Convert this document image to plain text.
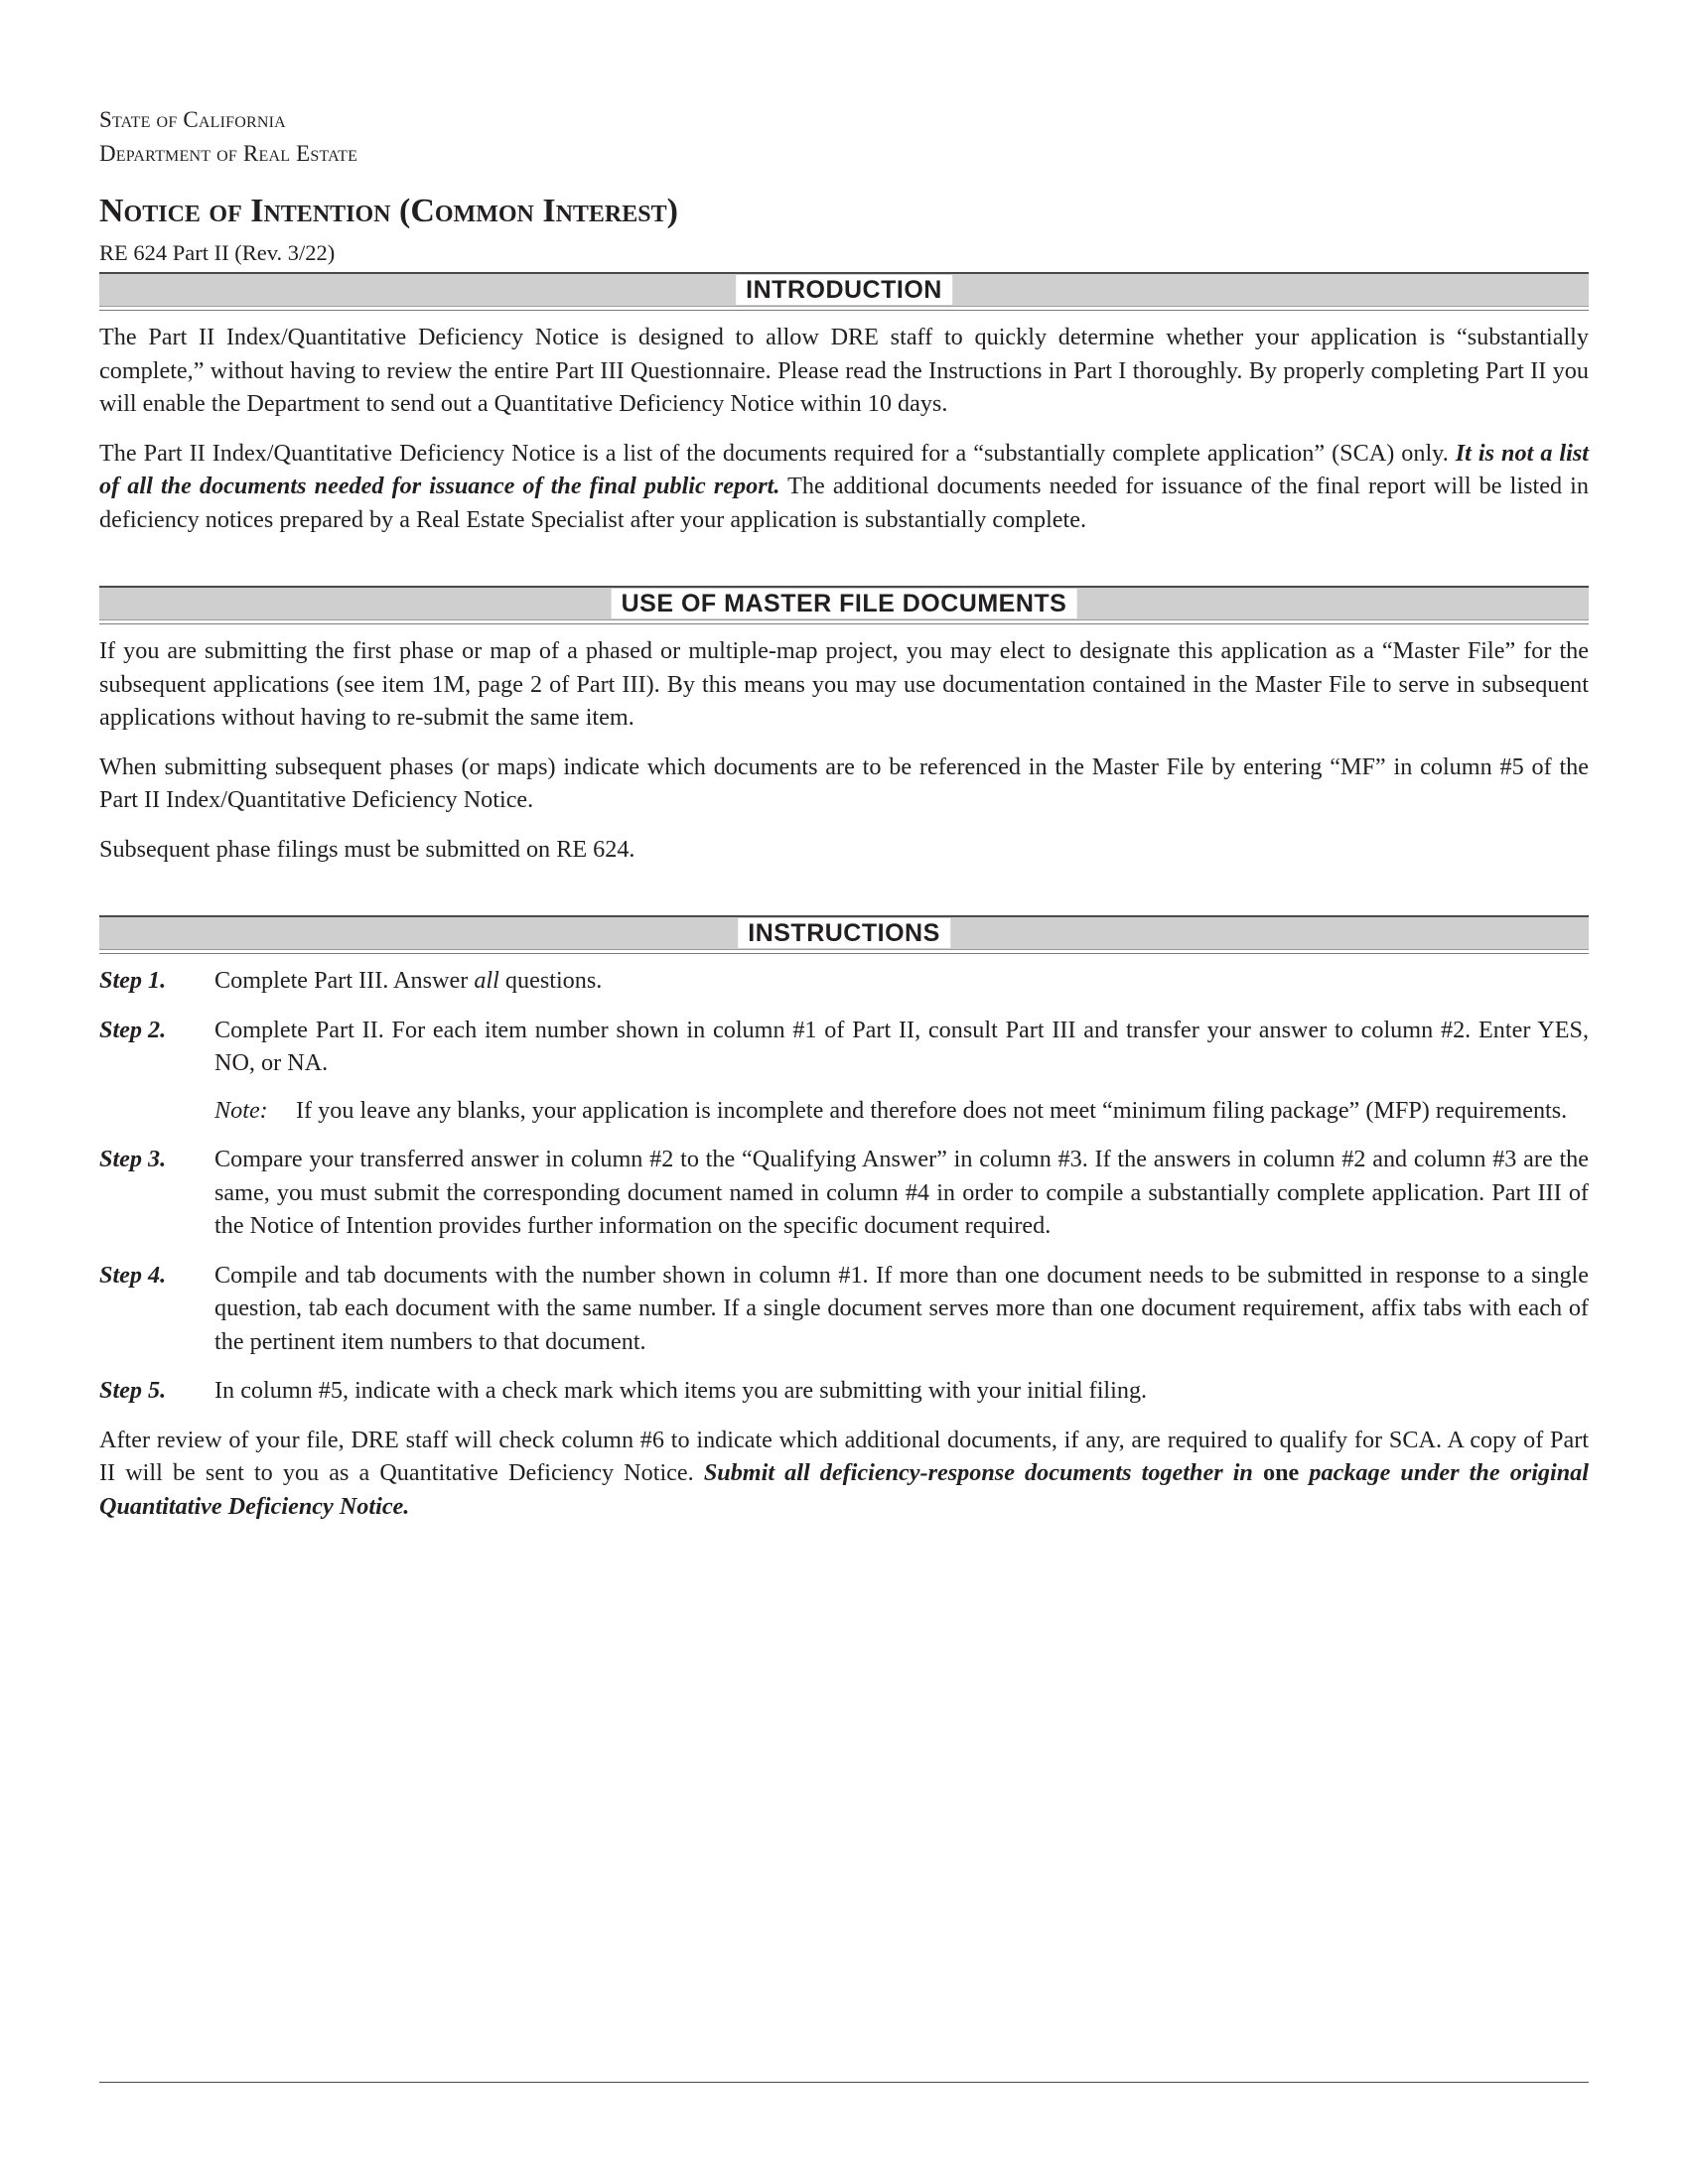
State of California
Department of Real Estate
Notice of Intention (Common Interest)
RE 624 Part II (Rev. 3/22)
INTRODUCTION

The Part II Index/Quantitative Deficiency Notice is designed to allow DRE staff to quickly determine whether your application is “substantially complete,” without having to review the entire Part III Questionnaire. Please read the Instructions in Part I thoroughly. By properly completing Part II you will enable the Department to send out a Quantitative Deficiency Notice within 10 days.

The Part II Index/Quantitative Deficiency Notice is a list of the documents required for a “substantially complete application” (SCA) only. It is not a list of all the documents needed for issuance of the final public report. The additional documents needed for issuance of the final report will be listed in deficiency notices prepared by a Real Estate Specialist after your application is substantially complete.

USE OF MASTER FILE DOCUMENTS

If you are submitting the first phase or map of a phased or multiple-map project, you may elect to designate this application as a “Master File” for the subsequent applications (see item 1M, page 2 of Part III). By this means you may use documentation contained in the Master File to serve in subsequent applications without having to re-submit the same item.

When submitting subsequent phases (or maps) indicate which documents are to be referenced in the Master File by entering “MF” in column #5 of the Part II Index/Quantitative Deficiency Notice.

Subsequent phase filings must be submitted on RE 624.

INSTRUCTIONS
Step 1.	Complete Part III. Answer all questions.

Step 2.	Complete Part II. For each item number shown in column #1 of Part II, consult Part III and transfer your answer to column #2. Enter YES, NO, or NA.

Note:	If you leave any blanks, your application is incomplete and therefore does not meet “minimum filing package” (MFP) requirements.

Step 3.	Compare your transferred answer in column #2 to the “Qualifying Answer” in column #3. If the answers in column #2 and column #3 are the same, you must submit the corresponding document named in column #4 in order to compile a substantially complete application. Part III of the Notice of Intention provides further information on the specific document required.

Step 4.	Compile and tab documents with the number shown in column #1. If more than one document needs to be submitted in response to a single question, tab each document with the same number. If a single document serves more than one document requirement, affix tabs with each of the pertinent item numbers to that document.

Step 5.	In column #5, indicate with a check mark which items you are submitting with your initial filing.

After review of your file, DRE staff will check column #6 to indicate which additional documents, if any, are required to qualify for SCA. A copy of Part II will be sent to you as a Quantitative Deficiency Notice. Submit all deficiency-response documents together in one package under the original Quantitative Deficiency Notice.
